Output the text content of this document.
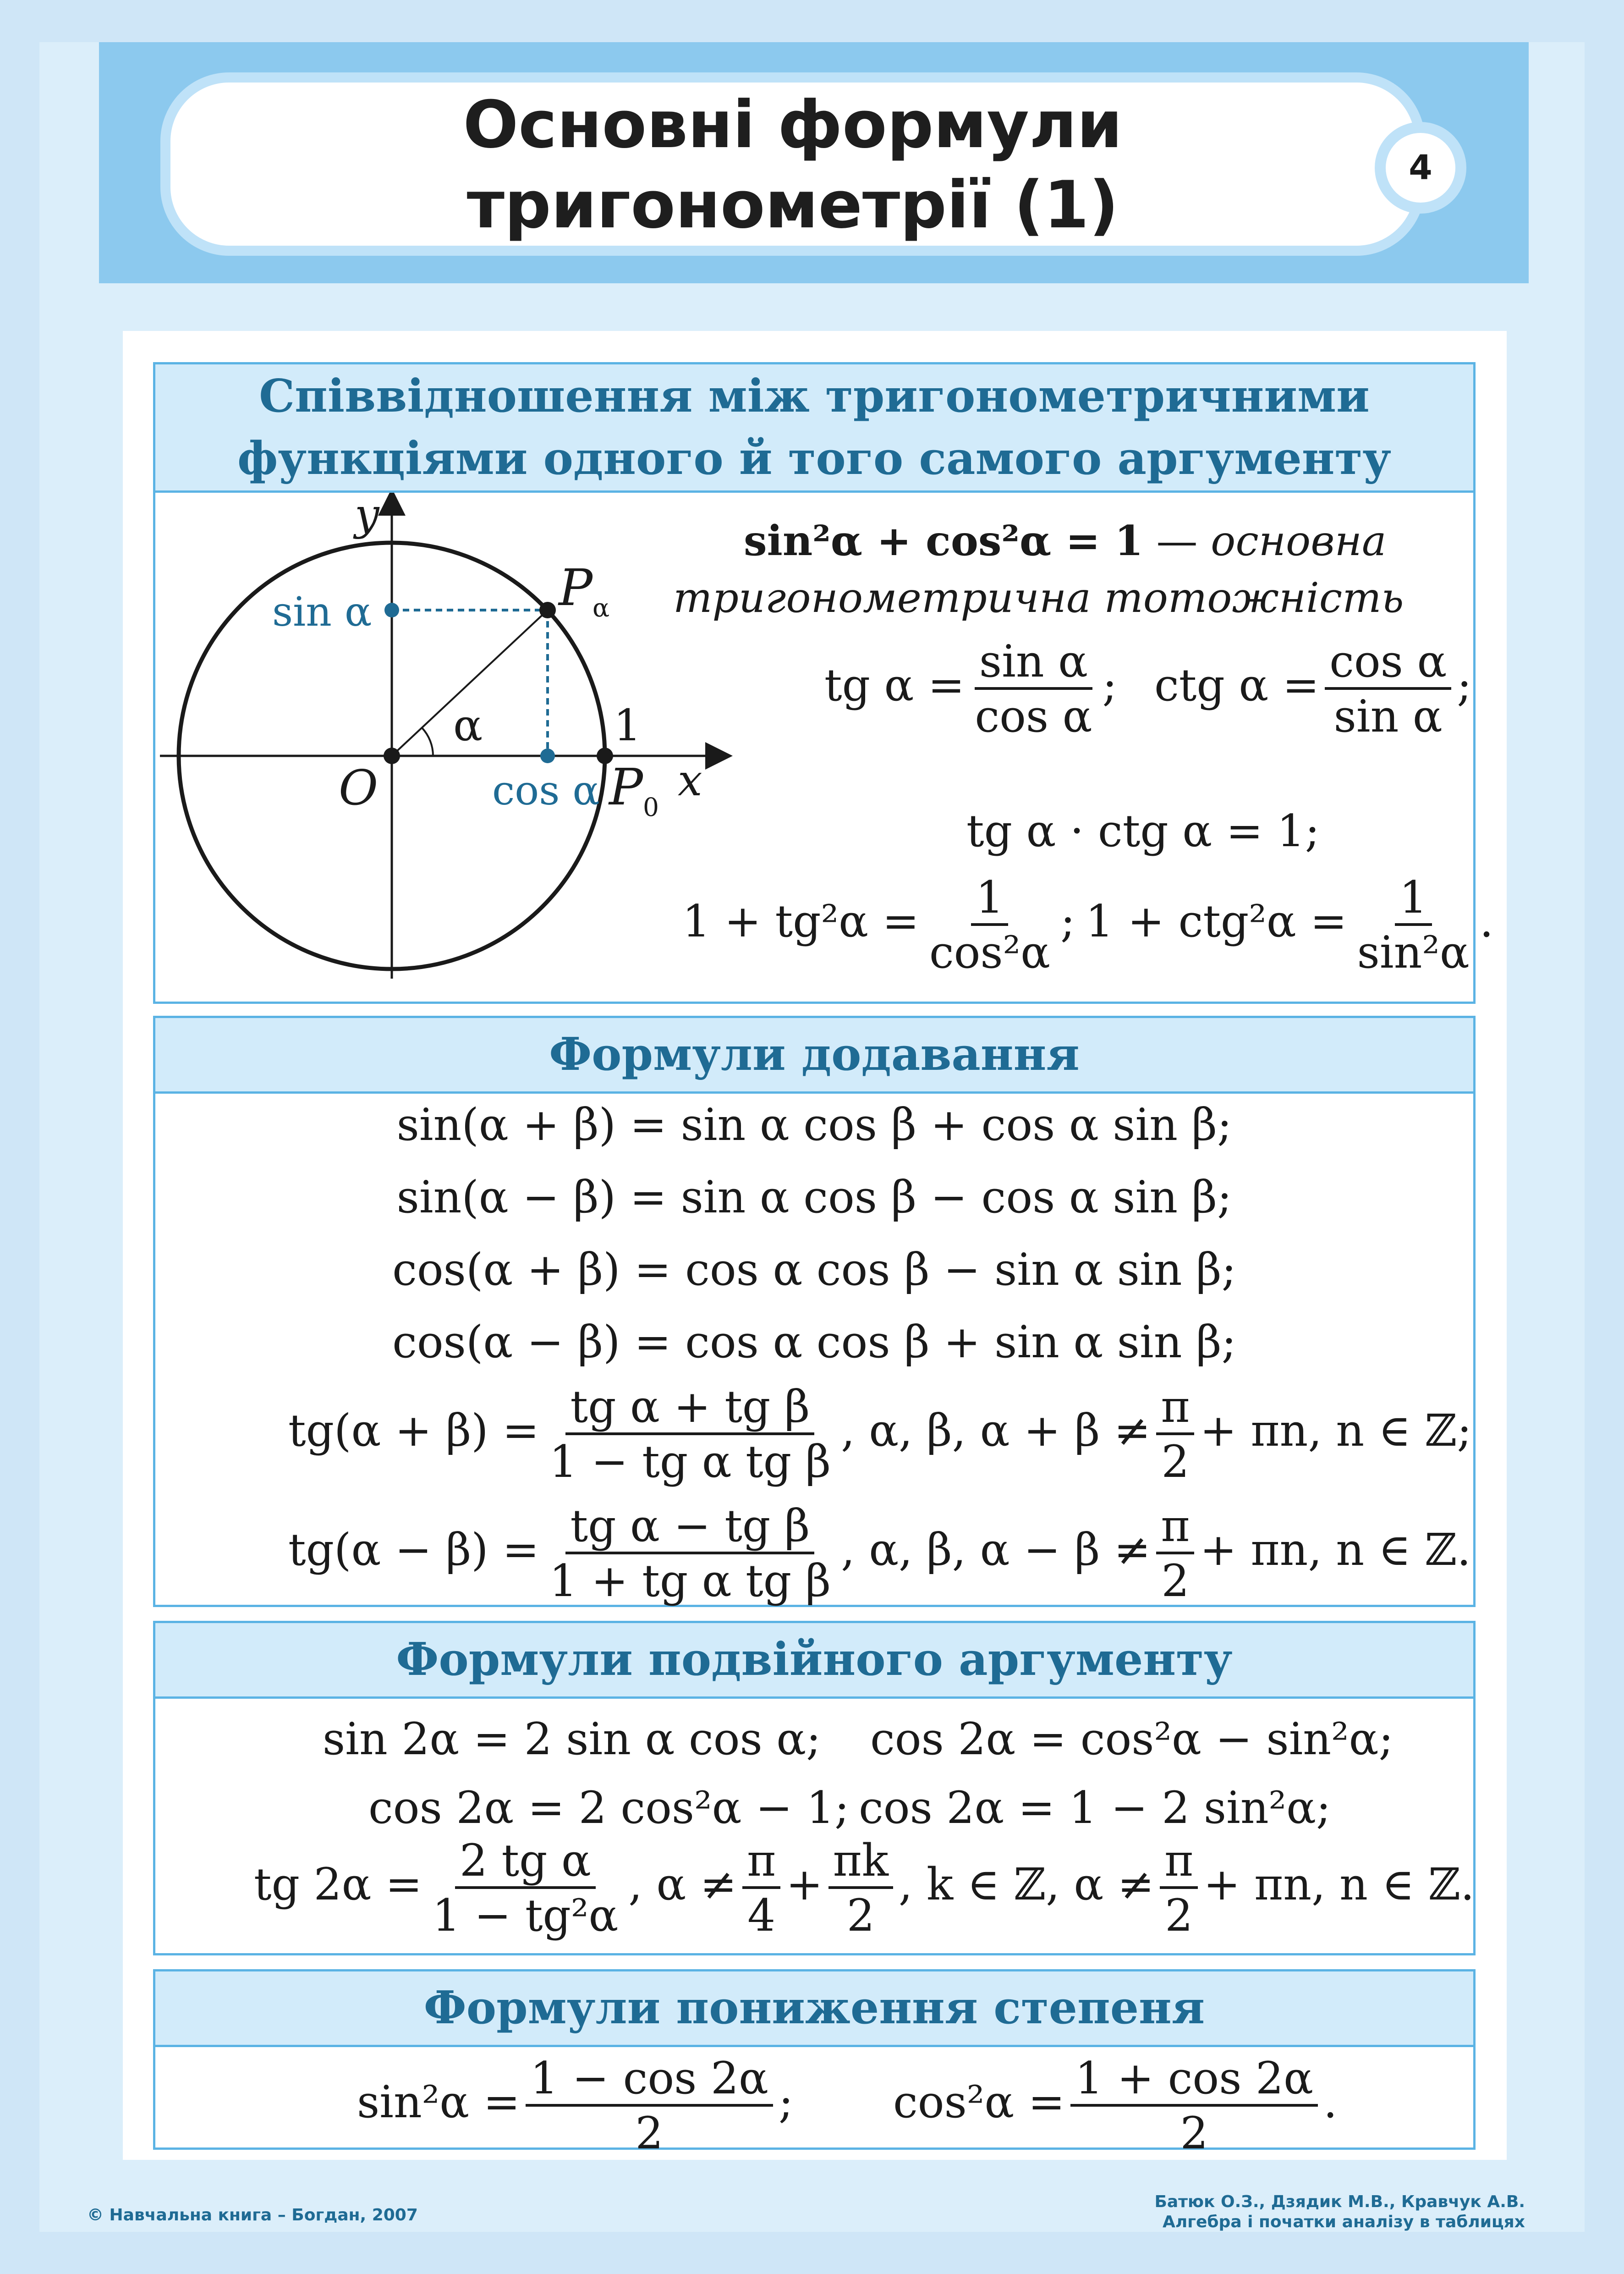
Основні формули
тригонометрії (1)	4
Співвідношення між тригонометричними
функціями одного й того самого аргументу
y
x
O
α	1
sin α
cos α
$P_\alpha$
$P_0$
sin²α + cos²α = 1 — основна
тригонометрична тотожність
tg $\alpha = \frac{\text{sin α}}{\text{cos α}}$ ; ctg $\alpha = \frac{\text{cos α}}{\text{sin α}}$ ;
tg α · ctg α = 1;
$1 + tg^2\alpha = \frac{1}{\text{cos²α}}$ ; $1 + ctg^2\alpha = \frac{1}{\text{sin²α}}$ .
Формули додавання
sin(α + β) = sin α cos β + cos α sin β;
sin(α − β) = sin α cos β − cos α sin β;
cos(α + β) = cos α cos β − sin α sin β;
cos(α − β) = cos α cos β + sin α sin β;
$tg(\alpha + \beta) = \frac{\text{tg α + tg β}}{\text{1 − tg α tg β}}$ , α, β, $\alpha + \beta \ne \frac{\pi}{2} + \pi n$, n ∈ ℤ;
$tg(\alpha - \beta) = \frac{\text{tg α − tg β}}{\text{1 + tg α tg β}}$ , α, β, $\alpha - \beta \ne \frac{\pi}{2} + \pi n$, n ∈ ℤ.
Формули подвійного аргументу
sin 2α = 2 sin α cos α; cos 2α = cos²α − sin²α;
cos 2α = 2 cos²α − 1; cos 2α = 1 − 2 sin²α;
tg $2\alpha = \frac{\text{2 tg α}}{\text{1 − tg²α}}$ , $\alpha \ne \frac{\pi}{4} + \frac{\pi k}{2}$ , k ∈ ℤ, $\alpha \ne \frac{\pi}{2} + \pi n$, n ∈ ℤ.
Формули пониження степеня
$\sin^2\alpha = \frac{1 - \cos 2\alpha}{2}$ ; $\cos^2\alpha = \frac{1 + \cos 2\alpha}{2}$ .
© Навчальна книга – Богдан, 2007
Батюк О.З., Дзядик М.В., Кравчук А.В.
Алгебра і початки аналізу в таблицях
